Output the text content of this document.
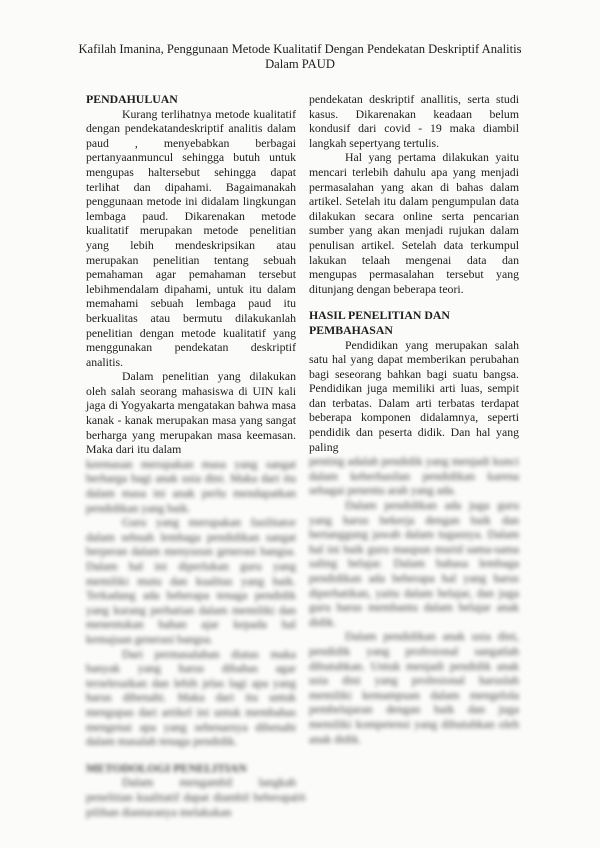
Kafilah Imanina, Penggunaan Metode Kualitatif Dengan Pendekatan Deskriptif Analitis
Dalam PAUD

PENDAHULUAN

Kurang terlihatnya metode kualitatif dengan pendekatandeskriptif analitis dalam paud , menyebabkan berbagai pertanyaanmuncul sehingga butuh untuk mengupas haltersebut sehingga dapat terlihat dan dipahami. Bagaimanakah penggunaan metode ini didalam lingkungan lembaga paud. Dikarenakan metode kualitatif merupakan metode penelitian yang lebih mendeskripsikan atau merupakan penelitian tentang sebuah pemahaman agar pemahaman tersebut lebihmendalam dipahami, untuk itu dalam memahami sebuah lembaga paud itu berkualitas atau bermutu dilakukanlah penelitian dengan metode kualitatif yang menggunakan pendekatan deskriptif analitis.

Dalam penelitian yang dilakukan oleh salah seorang mahasiswa di UIN kali jaga di Yogyakarta mengatakan bahwa masa kanak - kanak merupakan masa yang sangat berharga yang merupakan masa keemasan. Maka dari itu dalam

keemasan merupakan masa yang sangat berharga bagi anak usia dini. Maka dari itu dalam masa ini anak perlu mendapatkan pendidikan yang baik.

Guru yang merupakan fasilitator dalam sebuah lembaga pendidikan sangat berperan dalam menyusun generasi bangsa. Dalam hal ini diperlukan guru yang memiliki mutu dan kualitas yang baik. Terkadang ada beberapa tenaga pendidik yang kurang perhatian dalam memiliki dan menentukan bahan ajar kepada hal kemajuan generasi bangsa.

Dari permasalahan diatas maka banyak yang harus dibahas agar terselesaikan dan lebih jelas lagi apa yang harus dibenahi. Maka dari itu untuk mengupas dari artikel ini untuk membahas mengenai apa yang sebenarnya dibenahi dalam masalah tenaga pendidik.

METODOLOGI PENELITIAN

Dalam mengambil langkah penelitian kualitatif dapat diambil beberapa pilihan diantaranya melakukan

pendekatan deskriptif anallitis, serta studi kasus. Dikarenakan keadaan belum kondusif dari covid - 19 maka diambil langkah sepertyang tertulis.

Hal yang pertama dilakukan yaitu mencari terlebih dahulu apa yang menjadi permasalahan yang akan di bahas dalam artikel. Setelah itu dalam pengumpulan data dilakukan secara online serta pencarian sumber yang akan menjadi rujukan dalam penulisan artikel. Setelah data terkumpul lakukan telaah mengenai data dan mengupas permasalahan tersebut yang ditunjang dengan beberapa teori.

HASIL PENELITIAN DAN PEMBAHASAN

Pendidikan yang merupakan salah satu hal yang dapat memberikan perubahan bagi seseorang bahkan bagi suatu bangsa. Pendidikan juga memiliki arti luas, sempit dan terbatas. Dalam arti terbatas terdapat beberapa komponen didalamnya, seperti pendidik dan peserta didik. Dan hal yang paling

penting adalah pendidik yang menjadi kunci dalam keberhasilan pendidikan karena sebagai penentu arah yang ada.

Dalam pendidikan ada juga guru yang harus bekerja dengan baik dan bertanggung jawab dalam tugasnya. Dalam hal ini baik guru maupun murid sama-sama saling belajar. Dalam bahasa lembaga pendidikan ada beberapa hal yang harus diperhatikan, yaitu dalam belajar, dan juga guru harus membantu dalam belajar anak didik.

Dalam pendidikan anak usia dini, pendidik yang profesional sangatlah dibutuhkan. Untuk menjadi pendidik anak usia dini yang profesional haruslah memiliki kemampuan dalam mengelola pembelajaran dengan baik dan juga memiliki kompetensi yang dibutuhkan oleh anak didik.

56
